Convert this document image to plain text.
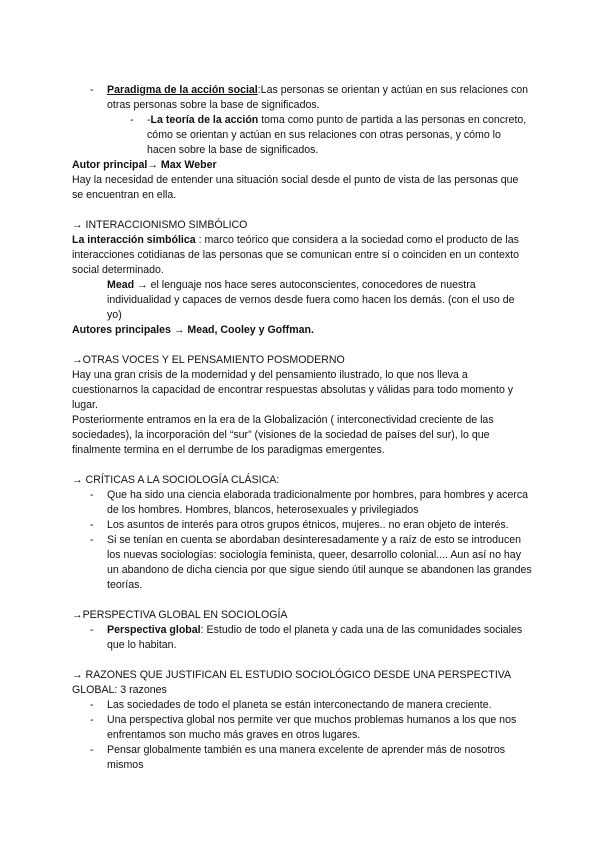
- Paradigma de la acción social:Las personas se orientan y actúan en sus relaciones con otras personas sobre la base de significados.
- -La teoría de la acción toma como punto de partida a las personas en concreto, cómo se orientan y actúan en sus relaciones con otras personas, y cómo lo hacen sobre la base de significados.

Autor principal→ Max Weber

Hay la necesidad de entender una situación social desde el punto de vista de las personas que se encuentran en ella.

→ INTERACCIONISMO SIMBÓLICO

La interacción simbólica : marco teórico que considera a la sociedad como el producto de las interacciones cotidianas de las personas que se comunican entre sí o coinciden en un contexto social determinado.

Mead → el lenguaje nos hace seres autoconscientes, conocedores de nuestra individualidad y capaces de vernos desde fuera como hacen los demás. (con el uso de yo)

Autores principales → Mead, Cooley y Goffman.

→OTRAS VOCES Y EL PENSAMIENTO POSMODERNO

Hay una gran crisis de la modernidad y del pensamiento ilustrado, lo que nos lleva a cuestionarnos la capacidad de encontrar respuestas absolutas y válidas para todo momento y lugar.

Posteriormente entramos en la era de la Globalización ( interconectividad creciente de las sociedades), la incorporación del “sur” (visiones de la sociedad de países del sur), lo que finalmente termina en el derrumbe de los paradigmas emergentes.

→ CRÍTICAS A LA SOCIOLOGÍA CLÁSICA:

- Que ha sido una ciencia elaborada tradicionalmente por hombres, para hombres y acerca de los hombres. Hombres, blancos, heterosexuales y privilegiados
- Los asuntos de interés para otros grupos étnicos, mujeres.. no eran objeto de interés.
- Si se tenían en cuenta se abordaban desinteresadamente y a raíz de esto se introducen los nuevas sociologías: sociología feminista, queer, desarrollo colonial.... Aun así no hay un abandono de dicha ciencia por que sigue siendo útil aunque se abandonen las grandes teorías.

→PERSPECTIVA GLOBAL EN SOCIOLOGÍA

- Perspectiva global: Estudio de todo el planeta y cada una de las comunidades sociales que lo habitan.

→ RAZONES QUE JUSTIFICAN EL ESTUDIO SOCIOLÓGICO DESDE UNA PERSPECTIVA GLOBAL: 3 razones

- Las sociedades de todo el planeta se están interconectando de manera creciente.
- Una perspectiva global nos permite ver que muchos problemas humanos a los que nos enfrentamos son mucho más graves en otros lugares.
- Pensar globalmente también es una manera excelente de aprender más de nosotros mismos
